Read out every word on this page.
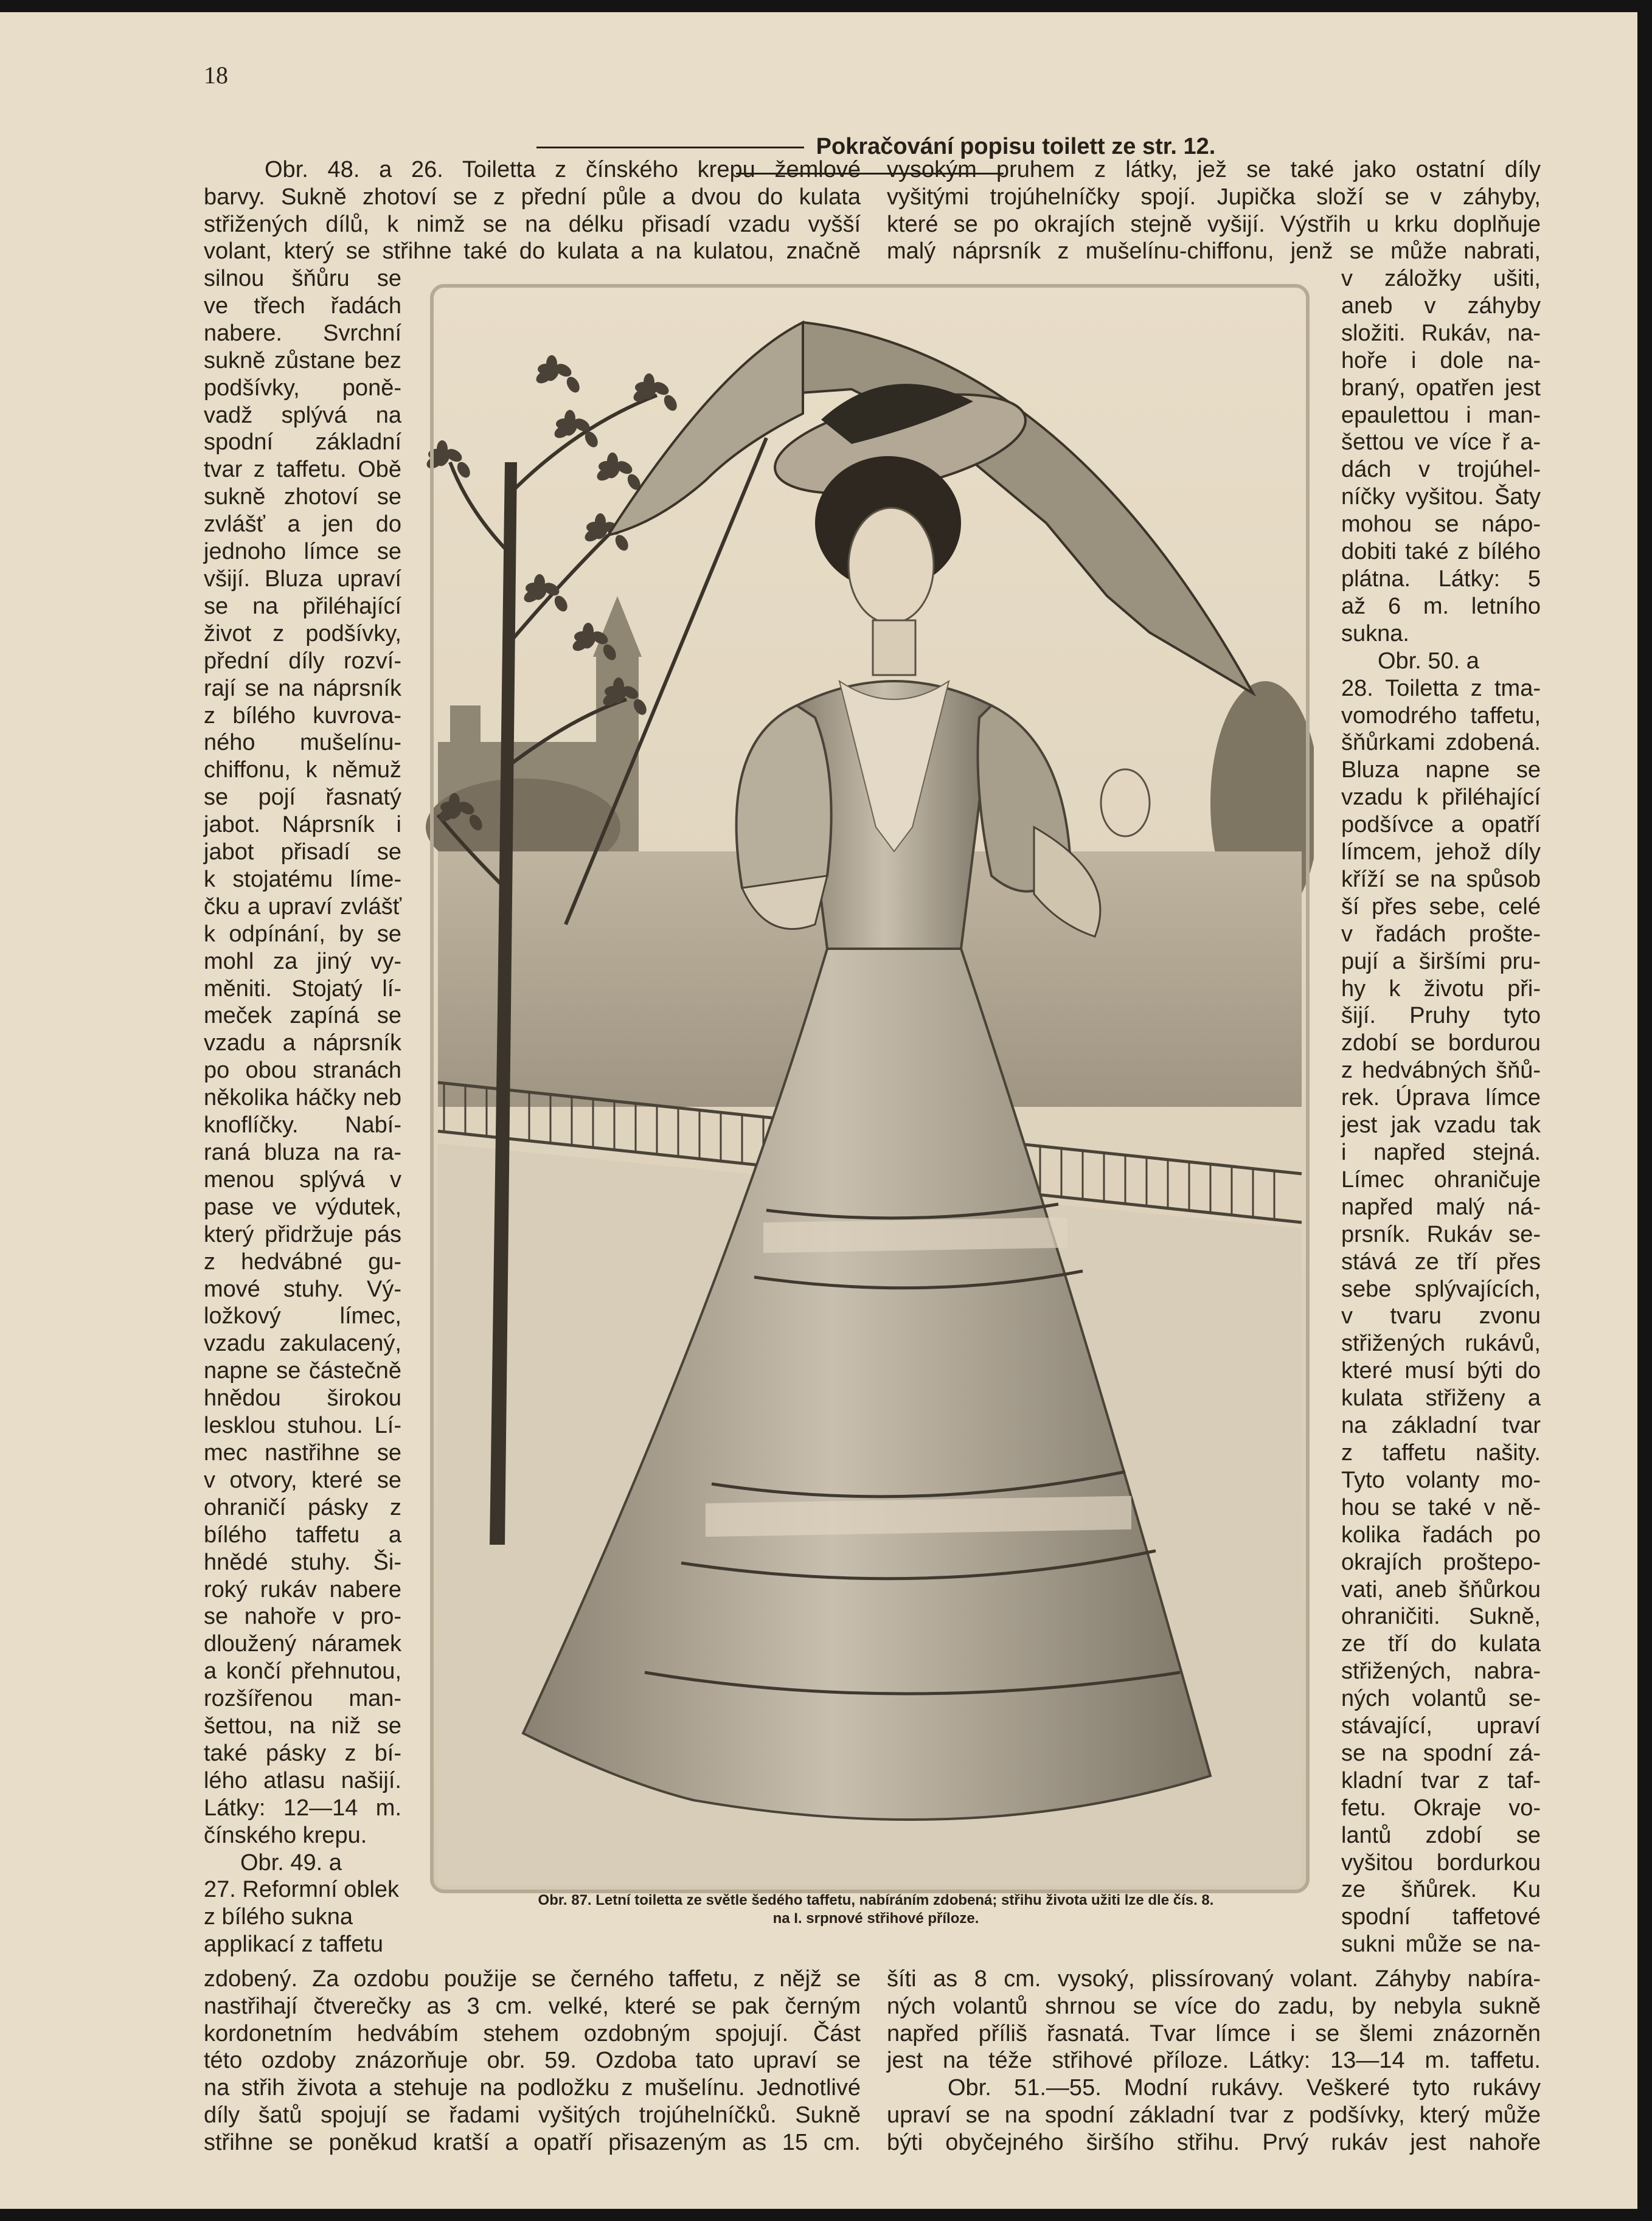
18
Pokračování popisu toilett ze str. 12.

Obr. 48. a 26. Toiletta z čínského krepu žemlové

barvy. Sukně zhotoví se z přední půle a dvou do kulata

střižených dílů, k nimž se na délku přisadí vzadu vyšší

volant, který se střihne také do kulata a na kulatou, značně

vysokým pruhem z látky, jež se také jako ostatní díly

vyšitými trojúhelníčky spojí. Jupička složí se v záhyby,

které se po okrajích stejně vyšijí. Výstřih u krku doplňuje

malý náprsník z mušelínu-chiffonu, jenž se může nabrati,

silnou šňůru se

ve třech řadách

nabere. Svrchní

sukně zůstane bez

podšívky, poně-

vadž splývá na

spodní základní

tvar z taffetu. Obě

sukně zhotoví se

zvlášť a jen do

jednoho límce se

všijí. Bluza upraví

se na přiléhající

život z podšívky,

přední díly rozví-

rají se na náprsník

z bílého kuvrova-

ného mušelínu-

chiffonu, k němuž

se pojí řasnatý

jabot. Náprsník i

jabot přisadí se

k stojatému líme-

čku a upraví zvlášť

k odpínání, by se

mohl za jiný vy-

měniti. Stojatý lí-

meček zapíná se

vzadu a náprsník

po obou stranách

několika háčky neb

knoflíčky. Nabí-

raná bluza na ra-

menou splývá v

pase ve výdutek,

který přidržuje pás

z hedvábné gu-

mové stuhy. Vý-

ložkový límec,

vzadu zakulacený,

napne se částečně

hnědou širokou

lesklou stuhou. Lí-

mec nastřihne se

v otvory, které se

ohraničí pásky z

bílého taffetu a

hnědé stuhy. Ši-

roký rukáv nabere

se nahoře v pro-

dloužený náramek

a končí přehnutou,

rozšířenou man-

šettou, na niž se

také pásky z bí-

lého atlasu našijí.

Látky: 12—14 m.

čínského krepu.

Obr. 49. a

27. Reformní oblek

z bílého sukna

applikací z taffetu

v záložky ušiti,

aneb v záhyby

složiti. Rukáv, na-

hoře i dole na-

braný, opatřen jest

epaulettou i man-

šettou ve více ř a-

dách v trojúhel-

níčky vyšitou. Šaty

mohou se nápo-

dobiti také z bílého

plátna. Látky: 5

až 6 m. letního

sukna.

Obr. 50. a

28. Toiletta z tma-

vomodrého taffetu,

šňůrkami zdobená.

Bluza napne se

vzadu k přiléhající

podšívce a opatří

límcem, jehož díly

kříží se na spůsob

ší přes sebe, celé

v řadách prošte-

pují a širšími pru-

hy k životu při-

šijí. Pruhy tyto

zdobí se bordurou

z hedvábných šňů-

rek. Úprava límce

jest jak vzadu tak

i napřed stejná.

Límec ohraničuje

napřed malý ná-

prsník. Rukáv se-

stává ze tří přes

sebe splývajících,

v tvaru zvonu

střižených rukávů,

které musí býti do

kulata střiženy a

na základní tvar

z taffetu našity.

Tyto volanty mo-

hou se také v ně-

kolika řadách po

okrajích proštepo-

vati, aneb šňůrkou

ohraničiti. Sukně,

ze tří do kulata

střižených, nabra-

ných volantů se-

stávající, upraví

se na spodní zá-

kladní tvar z taf-

fetu. Okraje vo-

lantů zdobí se

vyšitou bordurkou

ze šňůrek. Ku

spodní taffetové

sukni může se na-

Obr. 87. Letní toiletta ze světle šedého taffetu, nabíráním zdobená; střihu života užiti lze dle čís. 8.
na I. srpnové střihové příloze.

zdobený. Za ozdobu použije se černého taffetu, z nějž se

nastřihají čtverečky as 3 cm. velké, které se pak černým

kordonetním hedvábím stehem ozdobným spojují. Část

této ozdoby znázorňuje obr. 59. Ozdoba tato upraví se

na střih života a stehuje na podložku z mušelínu. Jednotlivé

díly šatů spojují se řadami vyšitých trojúhelníčků. Sukně

střihne se poněkud kratší a opatří přisazeným as 15 cm.

šíti as 8 cm. vysoký, plissírovaný volant. Záhyby nabíra-

ných volantů shrnou se více do zadu, by nebyla sukně

napřed příliš řasnatá. Tvar límce i se šlemi znázorněn

jest na téže střihové příloze. Látky: 13—14 m. taffetu.

Obr. 51.—55. Modní rukávy. Veškeré tyto rukávy

upraví se na spodní základní tvar z podšívky, který může

býti obyčejného širšího střihu. Prvý rukáv jest nahoře
